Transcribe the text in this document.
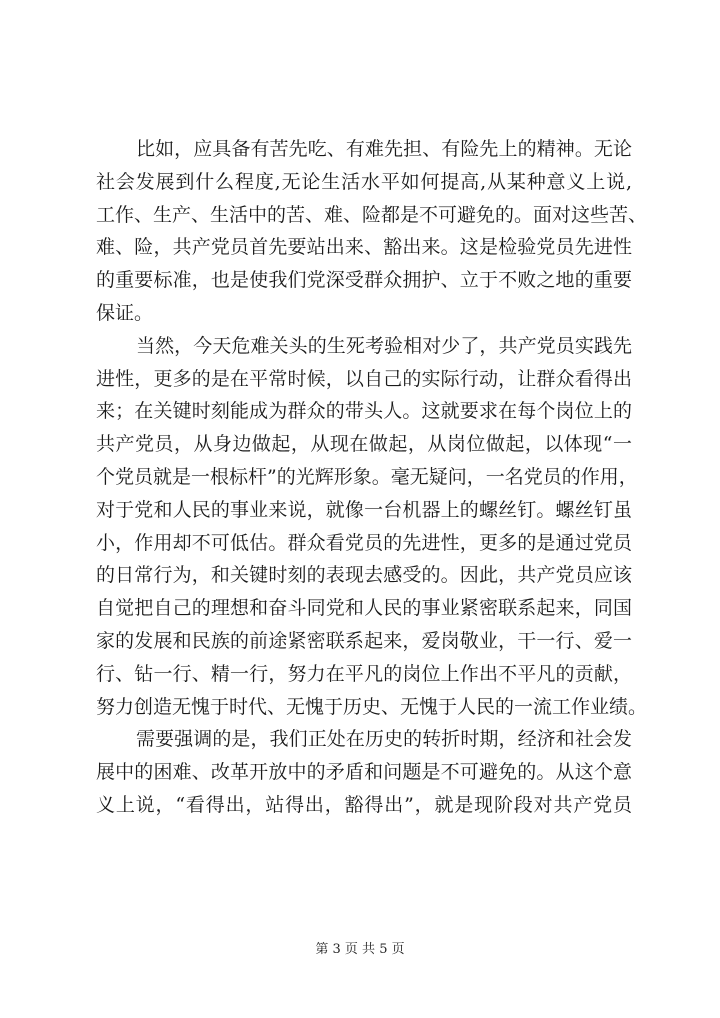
比如，应具备有苦先吃、有难先担、有险先上的精神。无论
社会发展到什么程度,无论生活水平如何提高,从某种意义上说,
工作、生产、生活中的苦、难、险都是不可避免的。面对这些苦、
难、险，共产党员首先要站出来、豁出来。这是检验党员先进性
的重要标准，也是使我们党深受群众拥护、立于不败之地的重要
保证。
当然，今天危难关头的生死考验相对少了，共产党员实践先
进性，更多的是在平常时候，以自己的实际行动，让群众看得出
来；在关键时刻能成为群众的带头人。这就要求在每个岗位上的
共产党员，从身边做起，从现在做起，从岗位做起，以体现“一
个党员就是一根标杆”的光辉形象。毫无疑问，一名党员的作用，
对于党和人民的事业来说，就像一台机器上的螺丝钉。螺丝钉虽
小，作用却不可低估。群众看党员的先进性，更多的是通过党员
的日常行为，和关键时刻的表现去感受的。因此，共产党员应该
自觉把自己的理想和奋斗同党和人民的事业紧密联系起来，同国
家的发展和民族的前途紧密联系起来，爱岗敬业，干一行、爱一
行、钻一行、精一行，努力在平凡的岗位上作出不平凡的贡献，
努力创造无愧于时代、无愧于历史、无愧于人民的一流工作业绩。
需要强调的是，我们正处在历史的转折时期，经济和社会发
展中的困难、改革开放中的矛盾和问题是不可避免的。从这个意
义上说，“看得出，站得出，豁得出”，就是现阶段对共产党员
第 3 页 共 5 页
